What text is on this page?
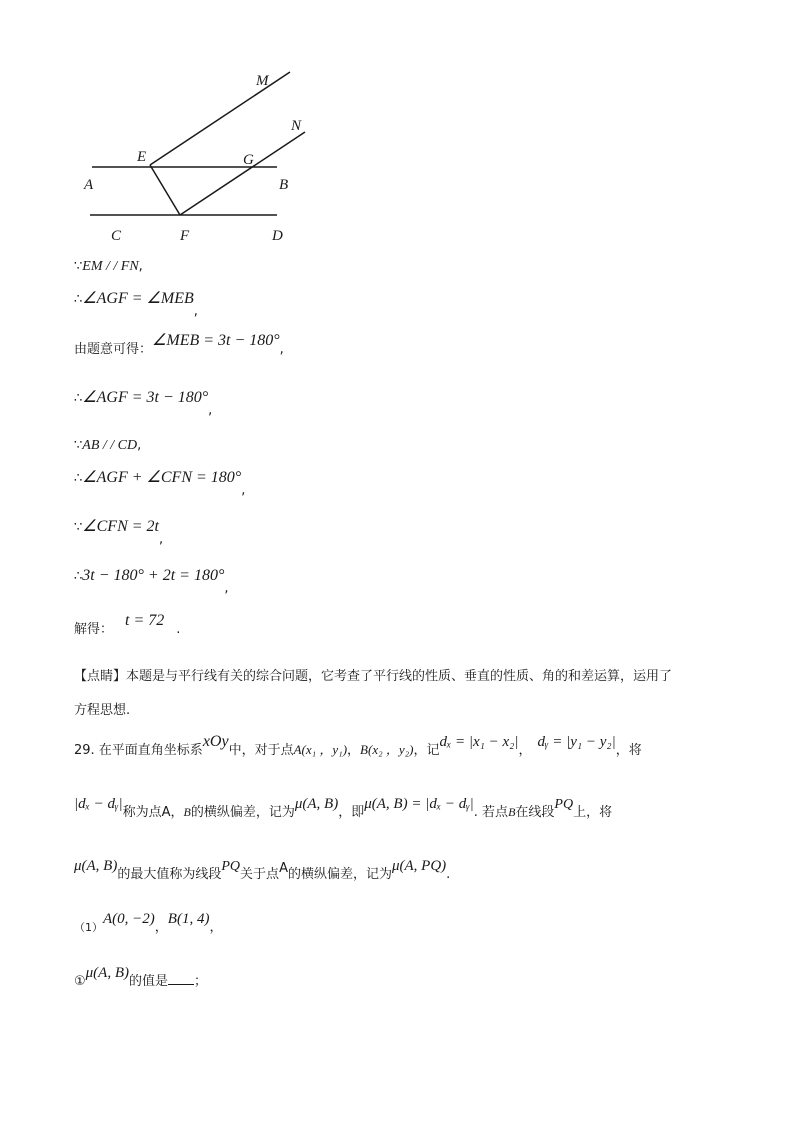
M
N
E	G
A	B
C	F	D
∵EM / / FN,
∴∠AGF = ∠MEB,
由题意可得：∠MEB = 3t − 180°,
∴∠AGF = 3t − 180°,
∵AB / / CD,
∴∠AGF + ∠CFN = 180°,
∵∠CFN = 2t,
∴3t − 180° + 2t = 180°,
解得：t = 72.
【点睛】本题是与平行线有关的综合问题，它考查了平行线的性质、垂直的性质、角的和差运算，运用了
方程思想.
29. 在平面直角坐标系xOy中，对于点A(x₁ ，y₁)，B(x₂ ，y₂)，记dₓ = |x₁ − x₂|，dᵧ = |y₁ − y₂|，将
|dₓ − dᵧ|称为点A，B的横纵偏差，记为μ(A, B)，即μ(A, B) = |dₓ − dᵧ|. 若点B在线段PQ上，将
μ(A, B)的最大值称为线段PQ关于点A的横纵偏差，记为μ(A, PQ).
（1）A(0, −2)，B(1, 4)，
①μ(A, B)的值是 ；
